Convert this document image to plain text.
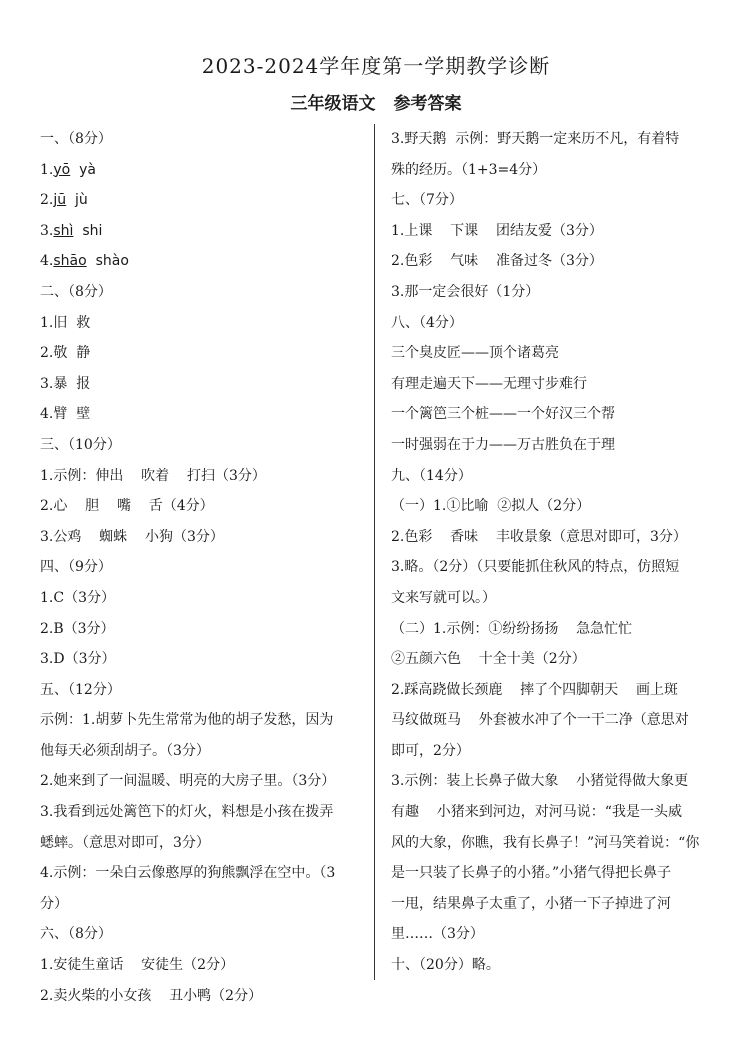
2023-2024学年度第一学期教学诊断
三年级语文 参考答案
一、（8分）
1.yō  yà
2.jū  jù
3.shì  shi
4.shāo  shào
二、（8分）
1.旧  救
2.敬  静
3.暴  报
4.臂  壁
三、（10分）
1.示例：伸出    吹着    打扫（3分）
2.心    胆    嘴    舌（4分）
3.公鸡    蜘蛛    小狗（3分）
四、（9分）
1.C（3分）
2.B（3分）
3.D（3分）
五、（12分）
示例：1.胡萝卜先生常常为他的胡子发愁，因为
他每天必须刮胡子。（3分）
2.她来到了一间温暖、明亮的大房子里。（3分）
3.我看到远处篱笆下的灯火，料想是小孩在拨弄
蟋蟀。（意思对即可，3分）
4.示例：一朵白云像憨厚的狗熊飘浮在空中。（3
分）
六、（8分）
1.安徒生童话    安徒生（2分）
2.卖火柴的小女孩    丑小鸭（2分）
3.野天鹅  示例：野天鹅一定来历不凡，有着特
殊的经历。（1+3=4分）
七、（7分）
1.上课    下课    团结友爱（3分）
2.色彩    气味    准备过冬（3分）
3.那一定会很好（1分）
八、（4分）
三个臭皮匠——顶个诸葛亮
有理走遍天下——无理寸步难行
一个篱笆三个桩——一个好汉三个帮
一时强弱在于力——万古胜负在于理
九、（14分）
（一）1.①比喻  ②拟人（2分）
2.色彩    香味    丰收景象（意思对即可，3分）
3.略。（2分）（只要能抓住秋风的特点，仿照短
文来写就可以。）
（二）1.示例：①纷纷扬扬    急急忙忙
②五颜六色    十全十美（2分）
2.踩高跷做长颈鹿    摔了个四脚朝天    画上斑
马纹做斑马    外套被水冲了个一干二净（意思对
即可，2分）
3.示例：装上长鼻子做大象    小猪觉得做大象更
有趣    小猪来到河边，对河马说：“我是一头威
风的大象，你瞧，我有长鼻子！”河马笑着说：“你
是一只装了长鼻子的小猪。”小猪气得把长鼻子
一甩，结果鼻子太重了，小猪一下子掉进了河
里……（3分）
十、（20分）略。
